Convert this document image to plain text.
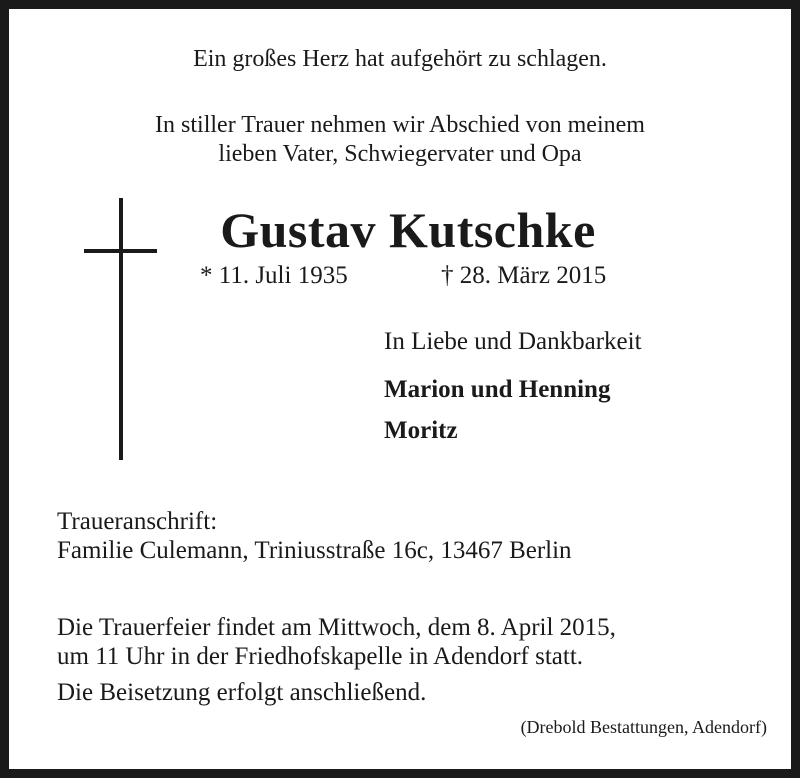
Ein großes Herz hat aufgehört zu schlagen.
In stiller Trauer nehmen wir Abschied von meinem
lieben Vater, Schwiegervater und Opa
Gustav Kutschke
* 11. Juli 1935	† 28. März 2015
In Liebe und Dankbarkeit
Marion und Henning
Moritz
Traueranschrift:
Familie Culemann, Triniusstraße 16c, 13467 Berlin
Die Trauerfeier findet am Mittwoch, dem 8. April 2015,
um 11 Uhr in der Friedhofskapelle in Adendorf statt.
Die Beisetzung erfolgt anschließend.
(Drebold Bestattungen, Adendorf)
